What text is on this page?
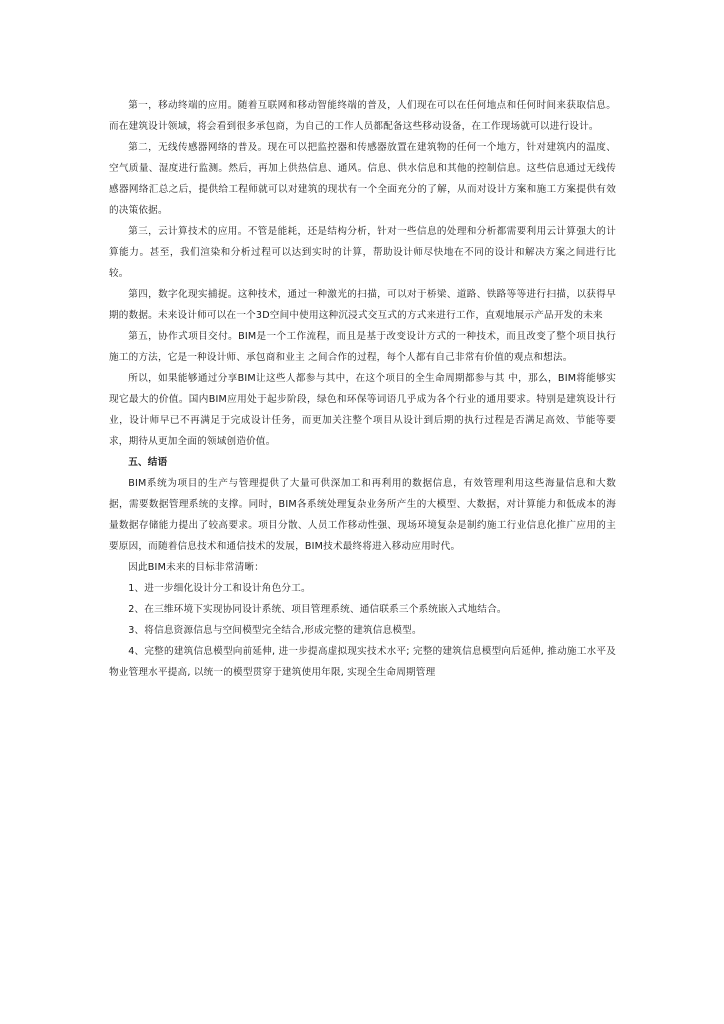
第一，移动终端的应用。随着互联网和移动智能终端的普及，人们现在可以在任何地点和任何时间来获取信息。而在建筑设计领域，将会看到很多承包商，为自己的工作人员都配备这些移动设备，在工作现场就可以进行设计。

第二，无线传感器网络的普及。现在可以把监控器和传感器放置在建筑物的任何一个地方，针对建筑内的温度、空气质量、湿度进行监测。然后，再加上供热信息、通风。信息、供水信息和其他的控制信息。这些信息通过无线传感器网络汇总之后，提供给工程师就可以对建筑的现状有一个全面充分的了解，从而对设计方案和施工方案提供有效的决策依据。

第三，云计算技术的应用。不管是能耗，还是结构分析，针对一些信息的处理和分析都需要利用云计算强大的计算能力。甚至，我们渲染和分析过程可以达到实时的计算，帮助设计师尽快地在不同的设计和解决方案之间进行比较。

第四，数字化现实捕捉。这种技术，通过一种激光的扫描，可以对于桥梁、道路、铁路等等进行扫描，以获得早期的数据。未来设计师可以在一个3D空间中使用这种沉浸式交互式的方式来进行工作，直观地展示产品开发的未来

第五，协作式项目交付。BIM是一个工作流程，而且是基于改变设计方式的一种技术，而且改变了整个项目执行施工的方法，它是一种设计师、承包商和业主 之间合作的过程，每个人都有自己非常有价值的观点和想法。

所以，如果能够通过分享BIM让这些人都参与其中，在这个项目的全生命周期都参与其 中，那么，BIM将能够实现它最大的价值。国内BIM应用处于起步阶段，绿色和环保等词语几乎成为各个行业的通用要求。特别是建筑设计行业，设计师早已不再满足于完成设计任务，而更加关注整个项目从设计到后期的执行过程是否满足高效、节能等要求，期待从更加全面的领域创造价值。

五、结语

BIM系统为项目的生产与管理提供了大量可供深加工和再利用的数据信息，有效管理利用这些海量信息和大数据，需要数据管理系统的支撑。同时，BIM各系统处理复杂业务所产生的大模型、大数据，对计算能力和低成本的海量数据存储能力提出了较高要求。项目分散、人员工作移动性强、现场环境复杂是制约施工行业信息化推广应用的主要原因，而随着信息技术和通信技术的发展，BIM技术最终将进入移动应用时代。

因此BIM未来的目标非常清晰：

1、进一步细化设计分工和设计角色分工。

2、在三维环境下实现协同设计系统、项目管理系统、通信联系三个系统嵌入式地结合。

3、将信息资源信息与空间模型完全结合,形成完整的建筑信息模型。

4、完整的建筑信息模型向前延伸, 进一步提高虚拟现实技术水平; 完整的建筑信息模型向后延伸, 推动施工水平及物业管理水平提高, 以统一的模型贯穿于建筑使用年限, 实现全生命周期管理
